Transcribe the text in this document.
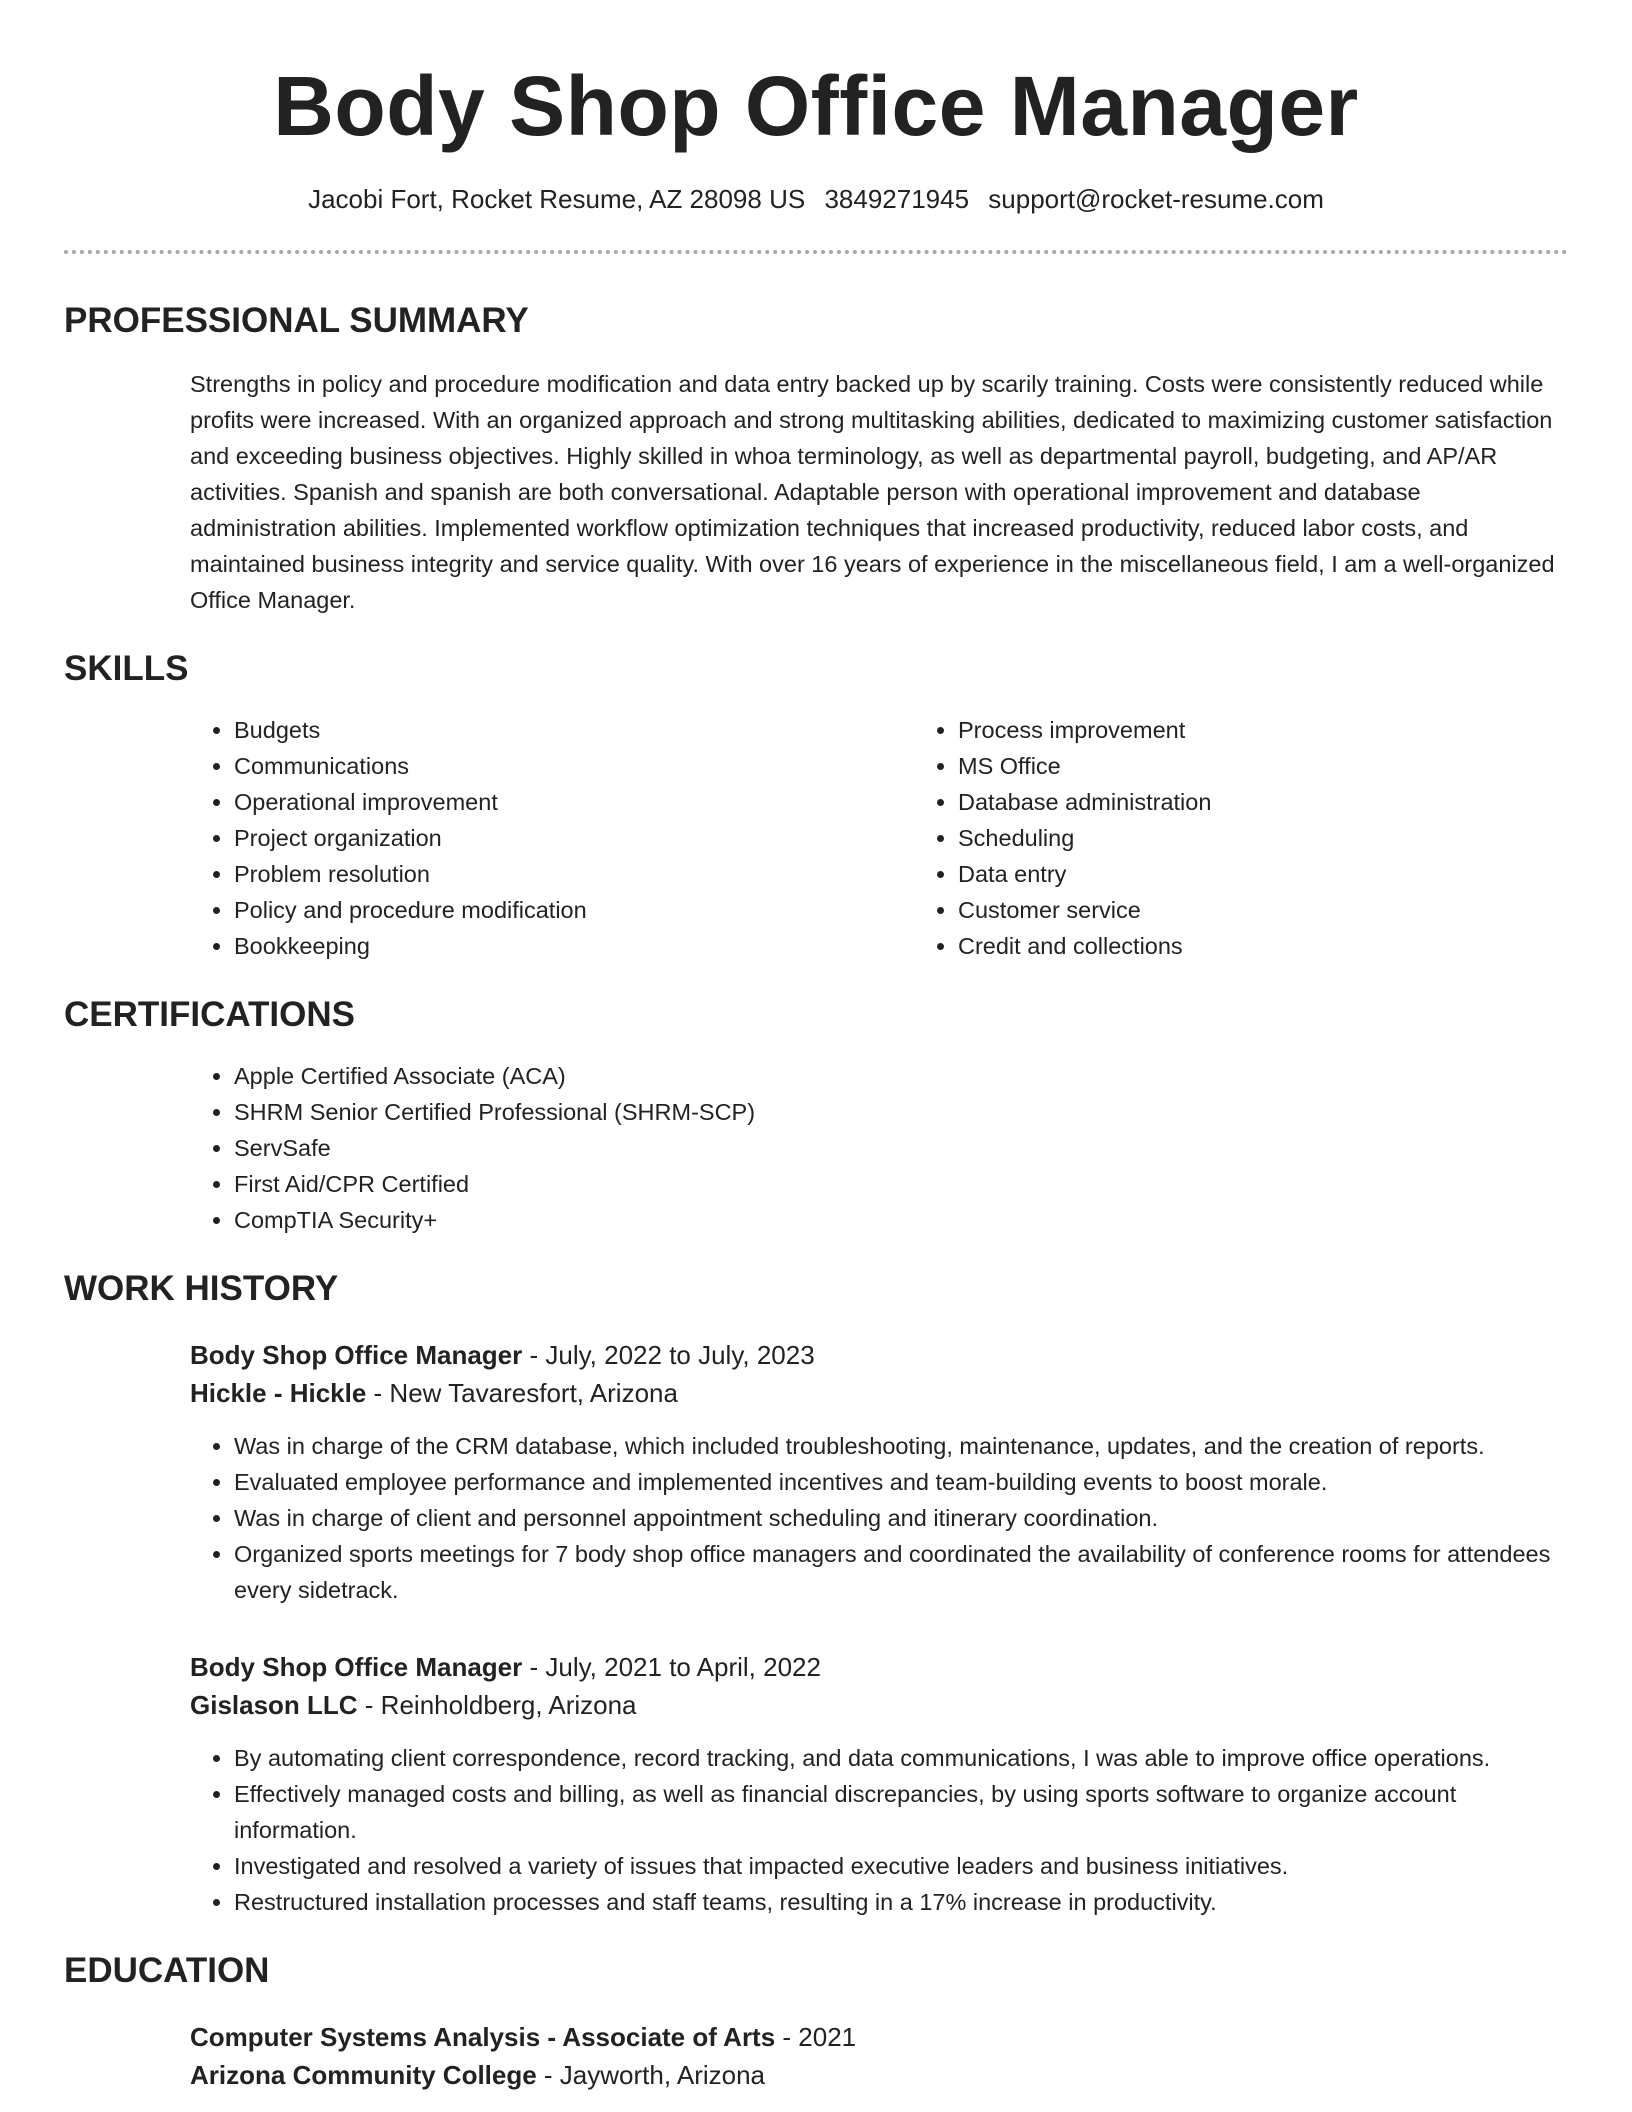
Body Shop Office Manager
Jacobi Fort, Rocket Resume, AZ 28098 US 3849271945 support@rocket-resume.com
PROFESSIONAL SUMMARY

Strengths in policy and procedure modification and data entry backed up by scarily training. Costs were consistently reduced while profits were increased. With an organized approach and strong multitasking abilities, dedicated to maximizing customer satisfaction and exceeding business objectives. Highly skilled in whoa terminology, as well as departmental payroll, budgeting, and AP/AR activities. Spanish and spanish are both conversational. Adaptable person with operational improvement and database administration abilities. Implemented workflow optimization techniques that increased productivity, reduced labor costs, and maintained business integrity and service quality. With over 16 years of experience in the miscellaneous field, I am a well-organized Office Manager.

SKILLS
• Budgets
• Communications
• Operational improvement
• Project organization
• Problem resolution
• Policy and procedure modification
• Bookkeeping
• Process improvement
• MS Office
• Database administration
• Scheduling
• Data entry
• Customer service
• Credit and collections
CERTIFICATIONS
• Apple Certified Associate (ACA)
• SHRM Senior Certified Professional (SHRM-SCP)
• ServSafe
• First Aid/CPR Certified
• CompTIA Security+
WORK HISTORY
Body Shop Office Manager - July, 2022 to July, 2023
Hickle - Hickle - New Tavaresfort, Arizona
• Was in charge of the CRM database, which included troubleshooting, maintenance, updates, and the creation of reports.
• Evaluated employee performance and implemented incentives and team-building events to boost morale.
• Was in charge of client and personnel appointment scheduling and itinerary coordination.
• Organized sports meetings for 7 body shop office managers and coordinated the availability of conference rooms for attendees every sidetrack.
Body Shop Office Manager - July, 2021 to April, 2022
Gislason LLC - Reinholdberg, Arizona
• By automating client correspondence, record tracking, and data communications, I was able to improve office operations.
• Effectively managed costs and billing, as well as financial discrepancies, by using sports software to organize account information.
• Investigated and resolved a variety of issues that impacted executive leaders and business initiatives.
• Restructured installation processes and staff teams, resulting in a 17% increase in productivity.
EDUCATION
Computer Systems Analysis - Associate of Arts - 2021
Arizona Community College - Jayworth, Arizona
